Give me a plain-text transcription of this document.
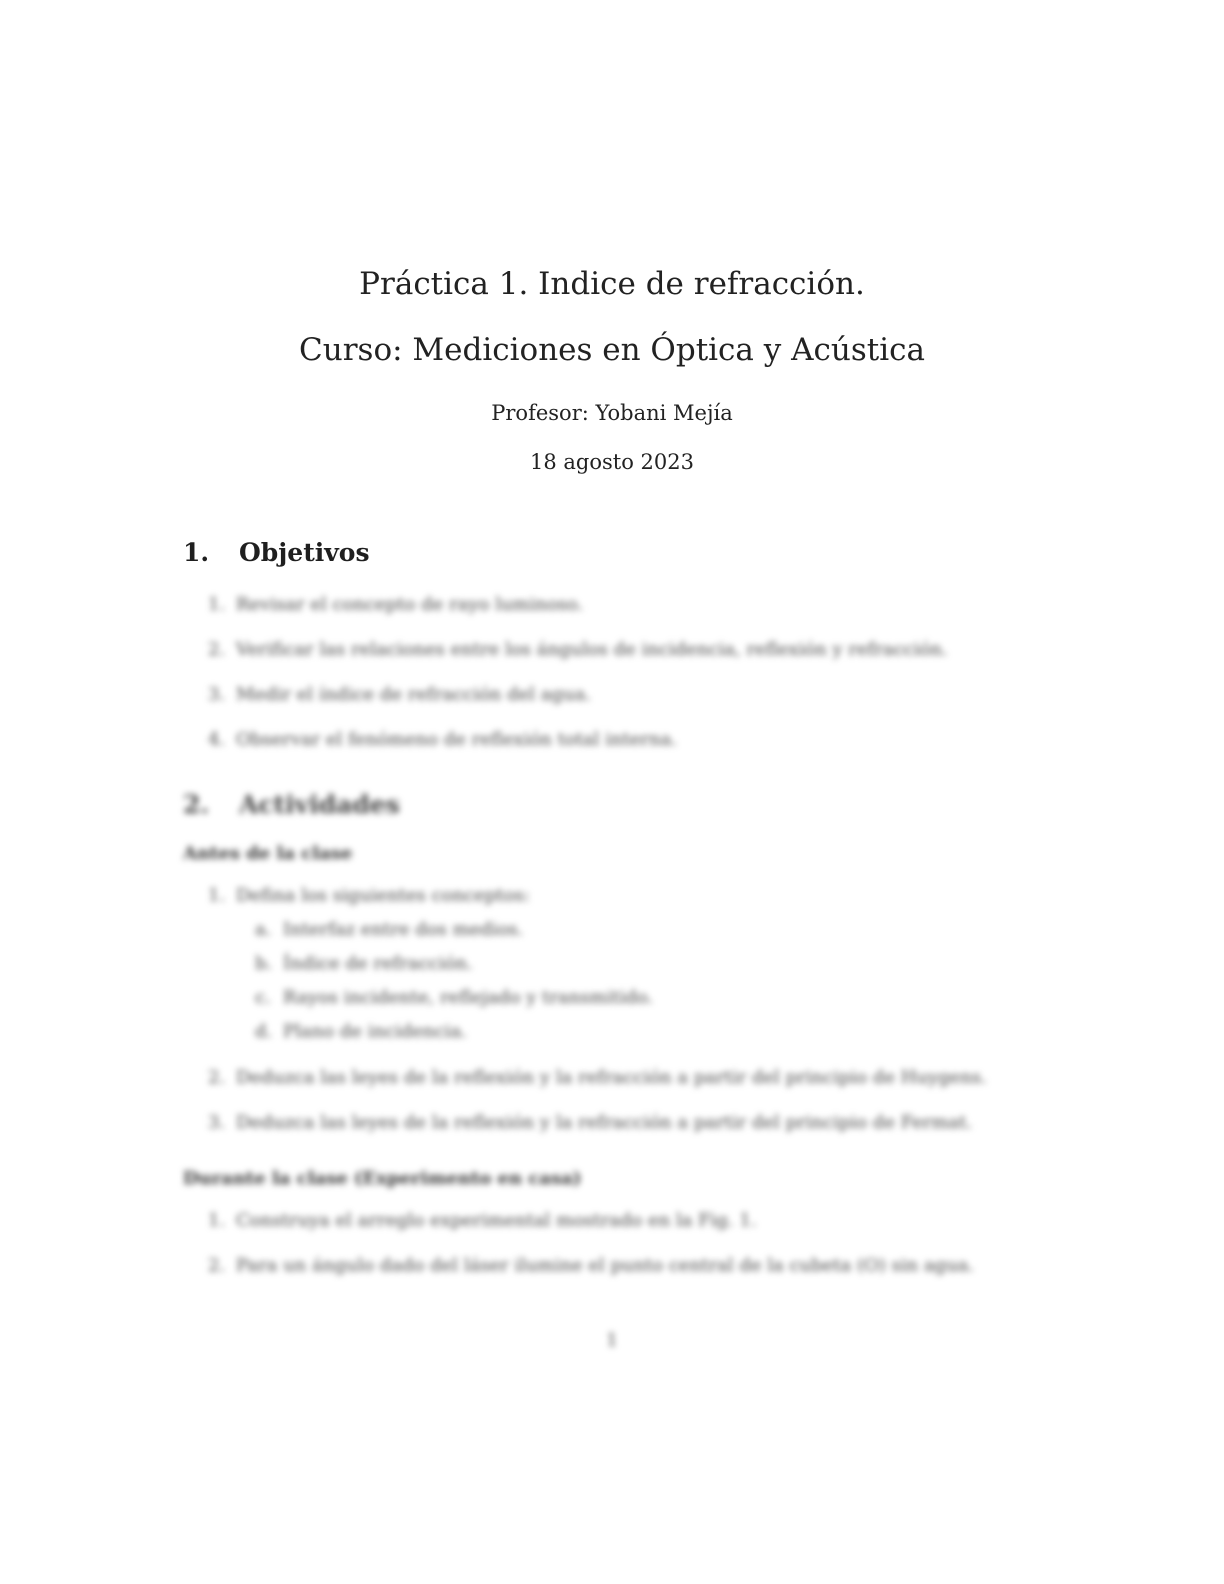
Práctica 1. Indice de refracción.
Curso: Mediciones en Óptica y Acústica
Profesor: Yobani Mejía
18 agosto 2023
1. Objetivos
1. Revisar el concepto de rayo luminoso.
2. Verificar las relaciones entre los ángulos de incidencia, reflexión y refracción.
3. Medir el índice de refracción del agua.
4. Observar el fenómeno de reflexión total interna.
2. Actividades
Antes de la clase
1. Defina los siguientes conceptos:
a. Interfaz entre dos medios.
b. Índice de refracción.
c. Rayos incidente, reflejado y transmitido.
d. Plano de incidencia.
2. Deduzca las leyes de la reflexión y la refracción a partir del principio de Huygens.
3. Deduzca las leyes de la reflexión y la refracción a partir del principio de Fermat.
Durante la clase (Experimento en casa)
1. Construya el arreglo experimental mostrado en la Fig. 1.
2. Para un ángulo dado del láser ilumine el punto central de la cubeta (O) sin agua.
1
